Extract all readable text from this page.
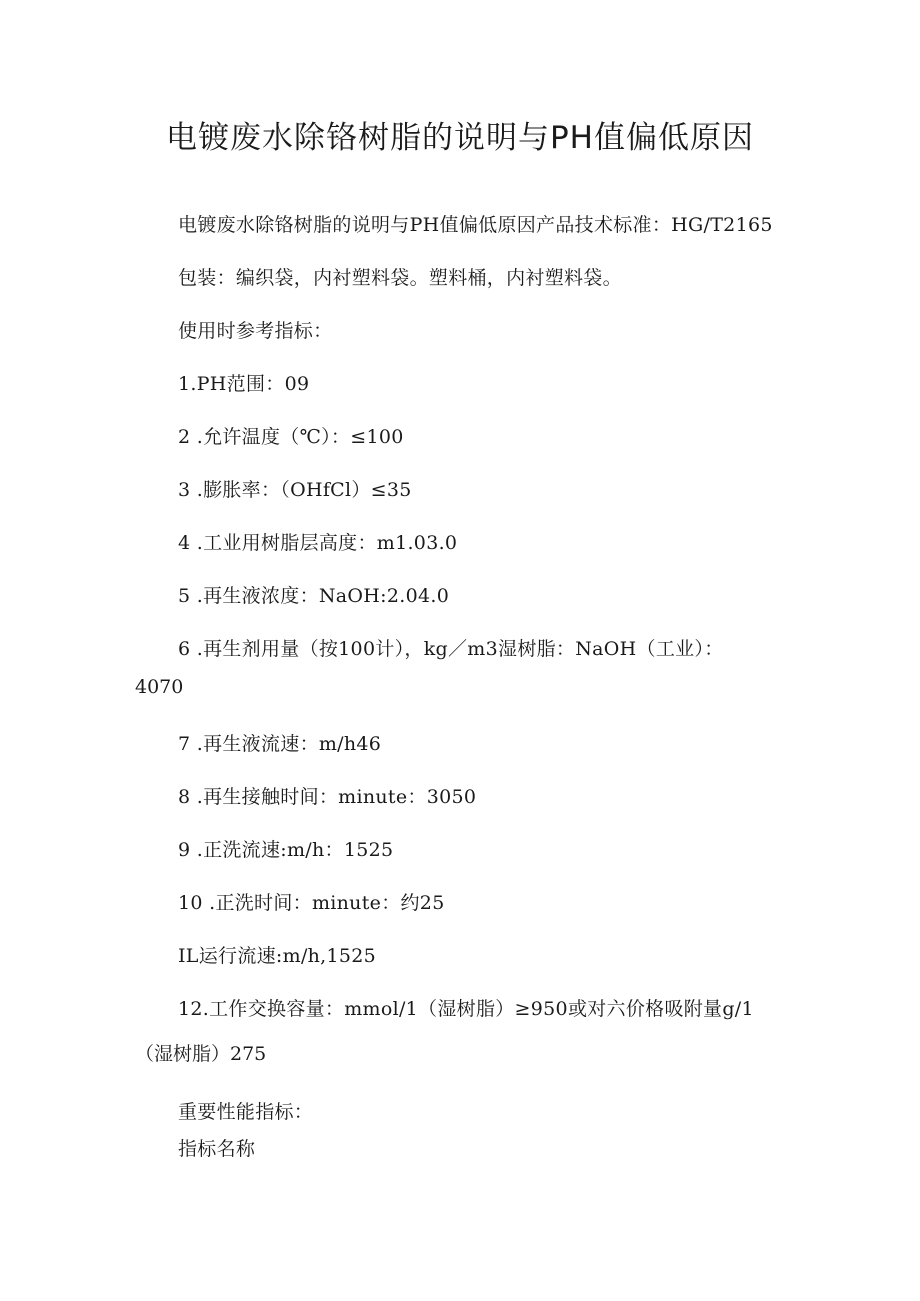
电镀废水除铬树脂的说明与PH值偏低原因
电镀废水除铬树脂的说明与PH值偏低原因产品技术标准：HG/T2165
包装：编织袋，内衬塑料袋。塑料桶，内衬塑料袋。
使用时参考指标：
1.PH范围：09
2 .允许温度（℃）：≤100
3 .膨胀率：（OHfCl）≤35
4 .工业用树脂层高度：m1.03.0
5 .再生液浓度：NaOH:2.04.0
6 .再生剂用量（按100计），kg／m3湿树脂：NaOH（工业）：
4070
7 .再生液流速：m/h46
8 .再生接触时间：minute：3050
9 .正洗流速:m/h：1525
10 .正洗时间：minute：约25
IL运行流速:m/h,1525
12.工作交换容量：mmol/1（湿树脂）≥950或对六价格吸附量g/1
（湿树脂）275
重要性能指标：
指标名称
